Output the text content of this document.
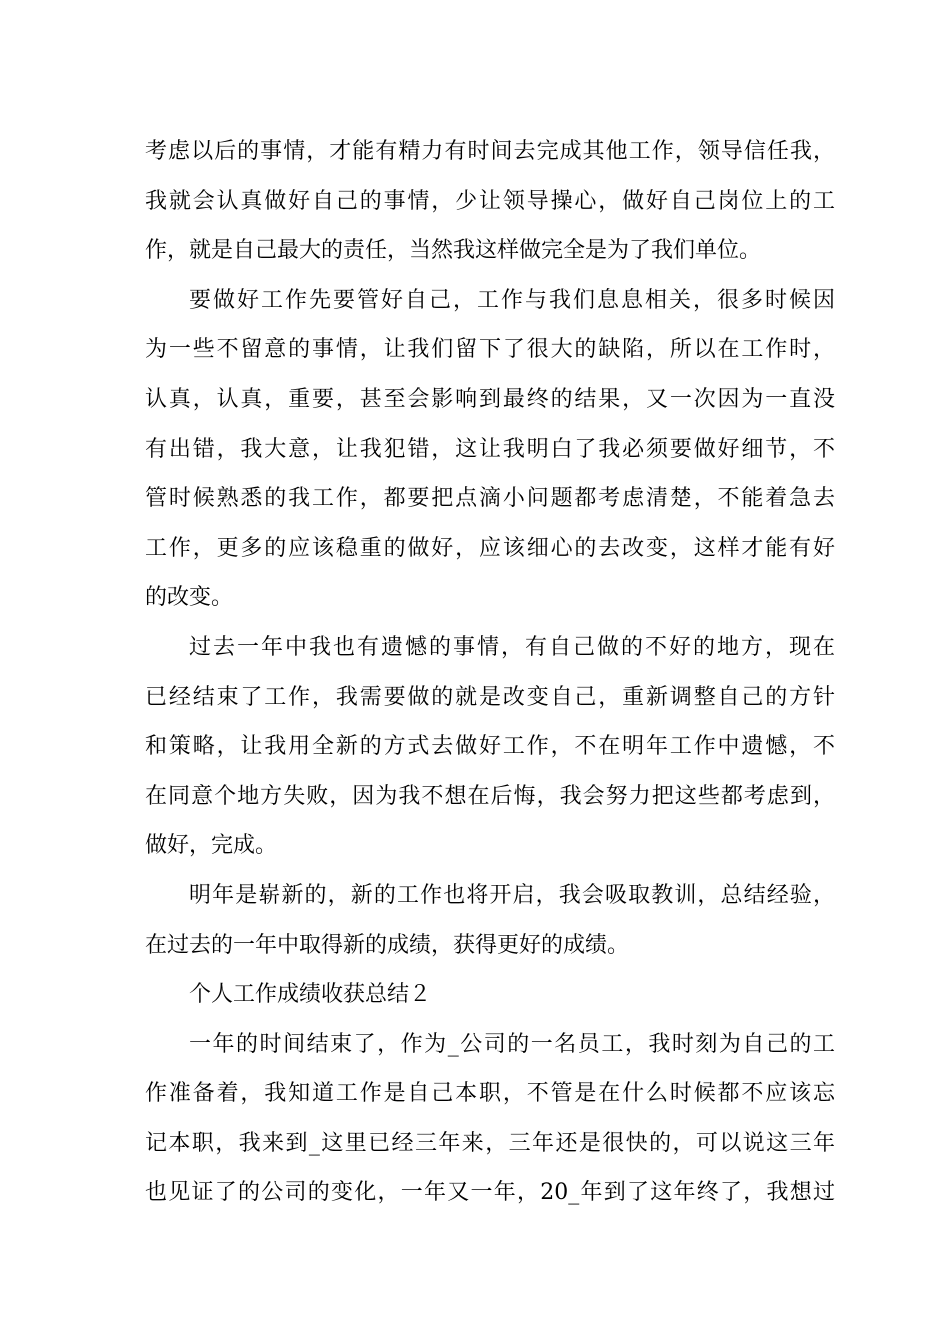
考虑以后的事情，才能有精力有时间去完成其他工作，领导信任我，
我就会认真做好自己的事情，少让领导操心，做好自己岗位上的工
作，就是自己最大的责任，当然我这样做完全是为了我们单位。
要做好工作先要管好自己，工作与我们息息相关，很多时候因
为一些不留意的事情，让我们留下了很大的缺陷，所以在工作时，
认真，认真，重要，甚至会影响到最终的结果，又一次因为一直没
有出错，我大意，让我犯错，这让我明白了我必须要做好细节，不
管时候熟悉的我工作，都要把点滴小问题都考虑清楚，不能着急去
工作，更多的应该稳重的做好，应该细心的去改变，这样才能有好
的改变。
过去一年中我也有遗憾的事情，有自己做的不好的地方，现在
已经结束了工作，我需要做的就是改变自己，重新调整自己的方针
和策略，让我用全新的方式去做好工作，不在明年工作中遗憾，不
在同意个地方失败，因为我不想在后悔，我会努力把这些都考虑到，
做好，完成。
明年是崭新的，新的工作也将开启，我会吸取教训，总结经验，
在过去的一年中取得新的成绩，获得更好的成绩。
个人工作成绩收获总结２
一年的时间结束了，作为_公司的一名员工，我时刻为自己的工
作准备着，我知道工作是自己本职，不管是在什么时候都不应该忘
记本职，我来到_这里已经三年来，三年还是很快的，可以说这三年
也见证了的公司的变化，一年又一年，20_年到了这年终了，我想过
